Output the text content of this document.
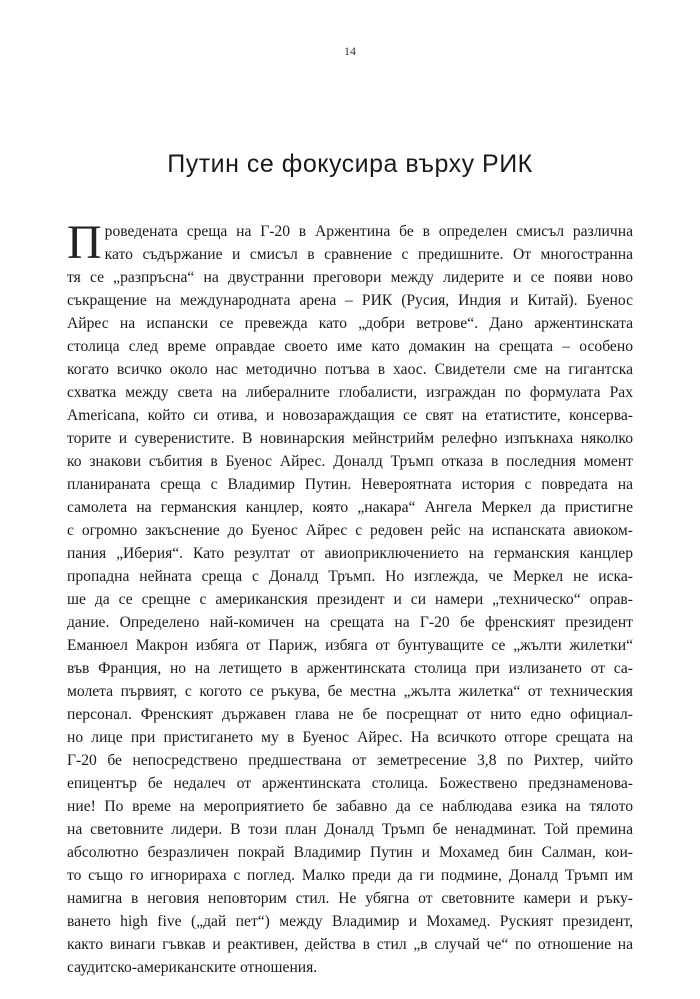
14
Путин се фокусира върху РИК
П роведената среща на Г-20 в Аржентина бе в определен смисъл различна
като съдържание и смисъл в сравнение с предишните. От многостранна
тя се „разпръсна“ на двустранни преговори между лидерите и се появи ново
съкращение на международната арена – РИК (Русия, Индия и Китай). Буенос
Айрес на испански се превежда като „добри ветрове“. Дано аржентинската
столица след време оправдае своето име като домакин на срещата – особено
когато всичко около нас методично потъва в хаос. Свидетели сме на гигантска
схватка между света на либералните глобалисти, изграждан по формулата Pax
Americana, който си отива, и новозараждащия се свят на етатистите, консерва-
торите и суверенистите. В новинарския мейнстрийм релефно изпъкнаха няколко
ко знакови събития в Буенос Айрес. Доналд Тръмп отказа в последния момент
планираната среща с Владимир Путин. Невероятната история с повредата на
самолета на германския канцлер, която „накара“ Ангела Меркел да пристигне
с огромно закъснение до Буенос Айрес с редовен рейс на испанската авиоком-
пания „Иберия“. Като резултат от авиоприключението на германския канцлер
пропадна нейната среща с Доналд Тръмп. Но изглежда, че Меркел не иска-
ше да се срещне с американския президент и си намери „техническо“ оправ-
дание. Определено най-комичен на срещата на Г-20 бе френският президент
Еманюел Макрон избяга от Париж, избяга от бунтуващите се „жълти жилетки“
във Франция, но на летището в аржентинската столица при излизането от са-
молета първият, с когото се ръкува, бе местна „жълта жилетка“ от техническия
персонал. Френският държавен глава не бе посрещнат от нито едно официал-
но лице при пристигането му в Буенос Айрес. На всичкото отгоре срещата на
Г-20 бе непосредствено предшествана от земетресение 3,8 по Рихтер, чийто
епицентър бе недалеч от аржентинската столица. Божествено предзнаменова-
ние! По време на мероприятието бе забавно да се наблюдава езика на тялото
на световните лидери. В този план Доналд Тръмп бе ненадминат. Той премина
абсолютно безразличен покрай Владимир Путин и Мохамед бин Салман, кои-
то също го игнорираха с поглед. Малко преди да ги подмине, Доналд Тръмп им
намигна в неговия неповторим стил. Не убягна от световните камери и ръку-
ването high five („дай пет“) между Владимир и Мохамед. Руският президент,
както винаги гъвкав и реактивен, действа в стил „в случай че“ по отношение на
саудитско-американските отношения.
